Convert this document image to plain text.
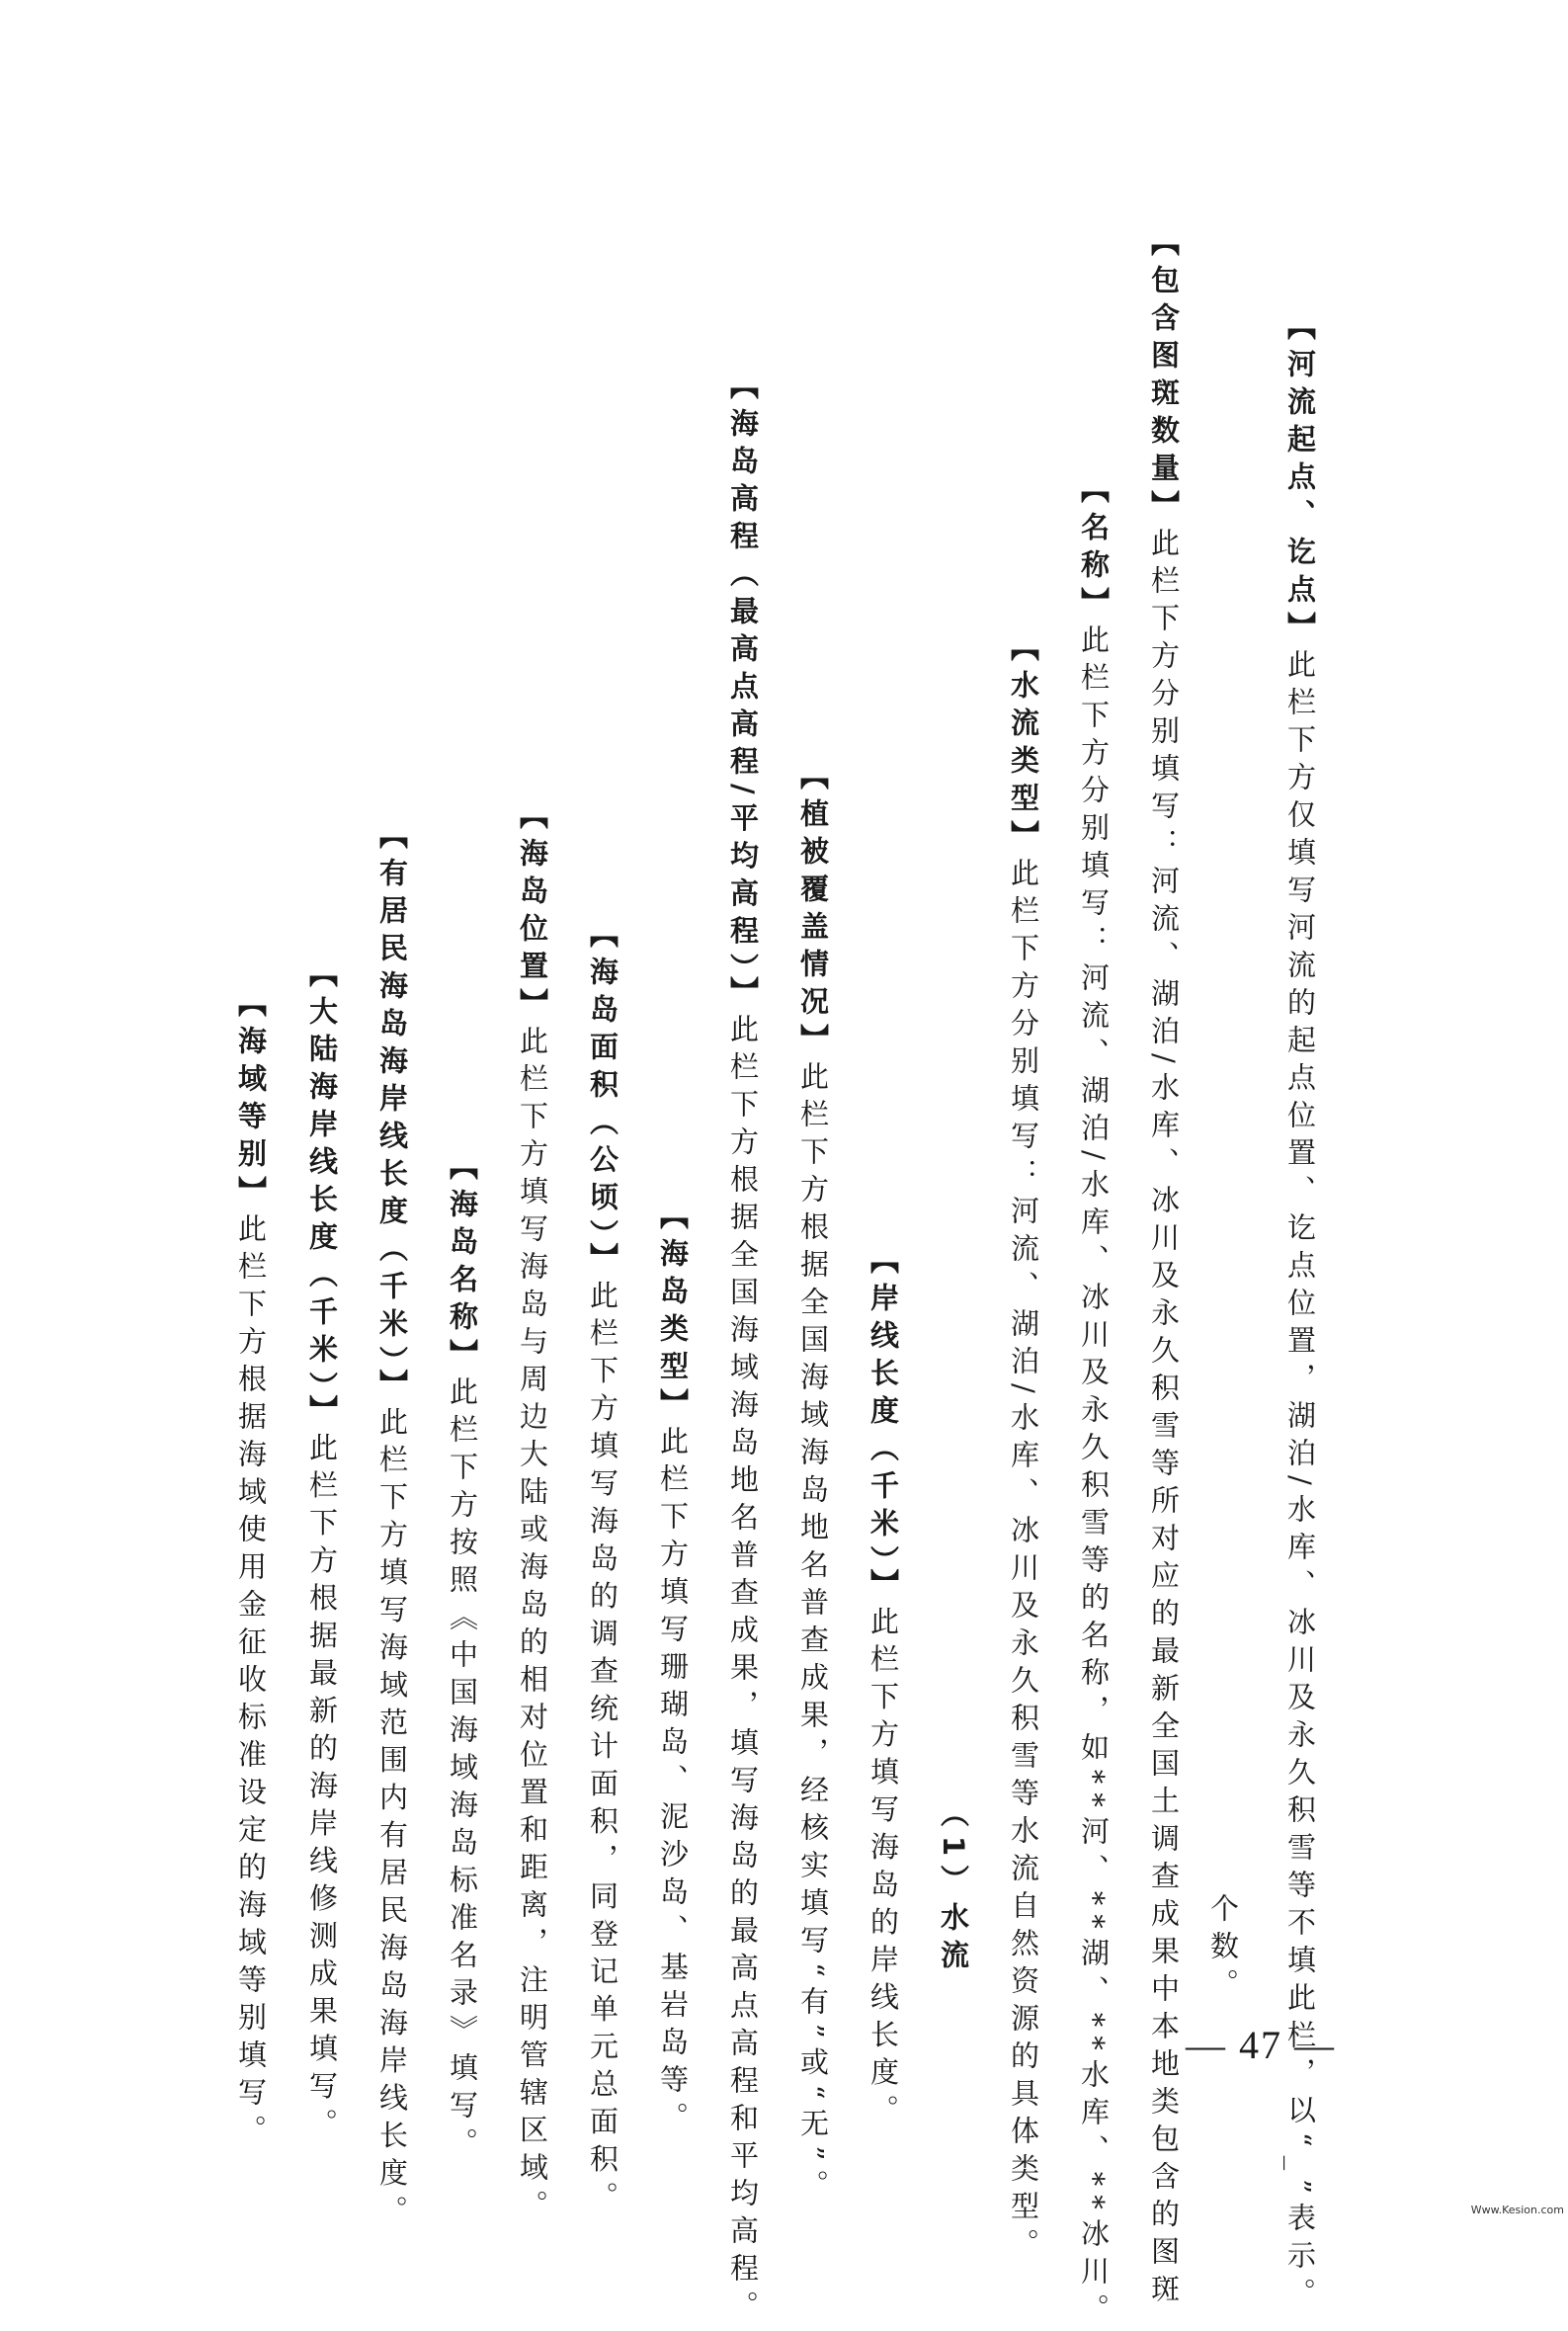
【海域等别】此栏下方根据海域使用金征收标准设定的海域等别填写。
【大陆海岸线长度（千米）】此栏下方根据最新的海岸线修测成果填写。
【有居民海岛海岸线长度（千米）】此栏下方填写海域范围内有居民海岛海岸线长度。
【海岛名称】此栏下方按照《中国海域海岛标准名录》填写。
【海岛位置】此栏下方填写海岛与周边大陆或海岛的相对位置和距离，注明管辖区域。 【海岛面积（公顷）】此栏下方填写海岛的调查统计面积，同登记单元总面积。 【海岛类型】此栏下方填写珊瑚岛、泥沙岛、基岩岛等。
【海岛高程（最高点高程/平均高程）】此栏下方根据全国海域海岛地名普查成果，填写海岛的最高点高程和平均高程。
【植被覆盖情况】此栏下方根据全国海域海岛地名普查成果，经核实填写“有”或“无”。 【岸线长度（千米）】此栏下方填写海岛的岸线长度。 （1）水流
【水流类型】此栏下方分别填写：河流、湖泊/水库、冰川及永久积雪等水流自然资源的具体类型。
【名称】此栏下方分别填写：河流、湖泊/水库、冰川及永久积雪等的名称，如**河、**湖、**水库、**冰川。
【包含图斑数量】此栏下方分别填写：河流、湖泊/水库、冰川及永久积雪等所对应的最新全国土调查成果中本地类包含的图斑 个数。
【河流起点、讫点】此栏下方仅填写河流的起点位置、讫点位置，湖泊/水库、冰川及永久积雪等不填此栏，以“_”表示。
— 47 —
Www.Kesion.com
